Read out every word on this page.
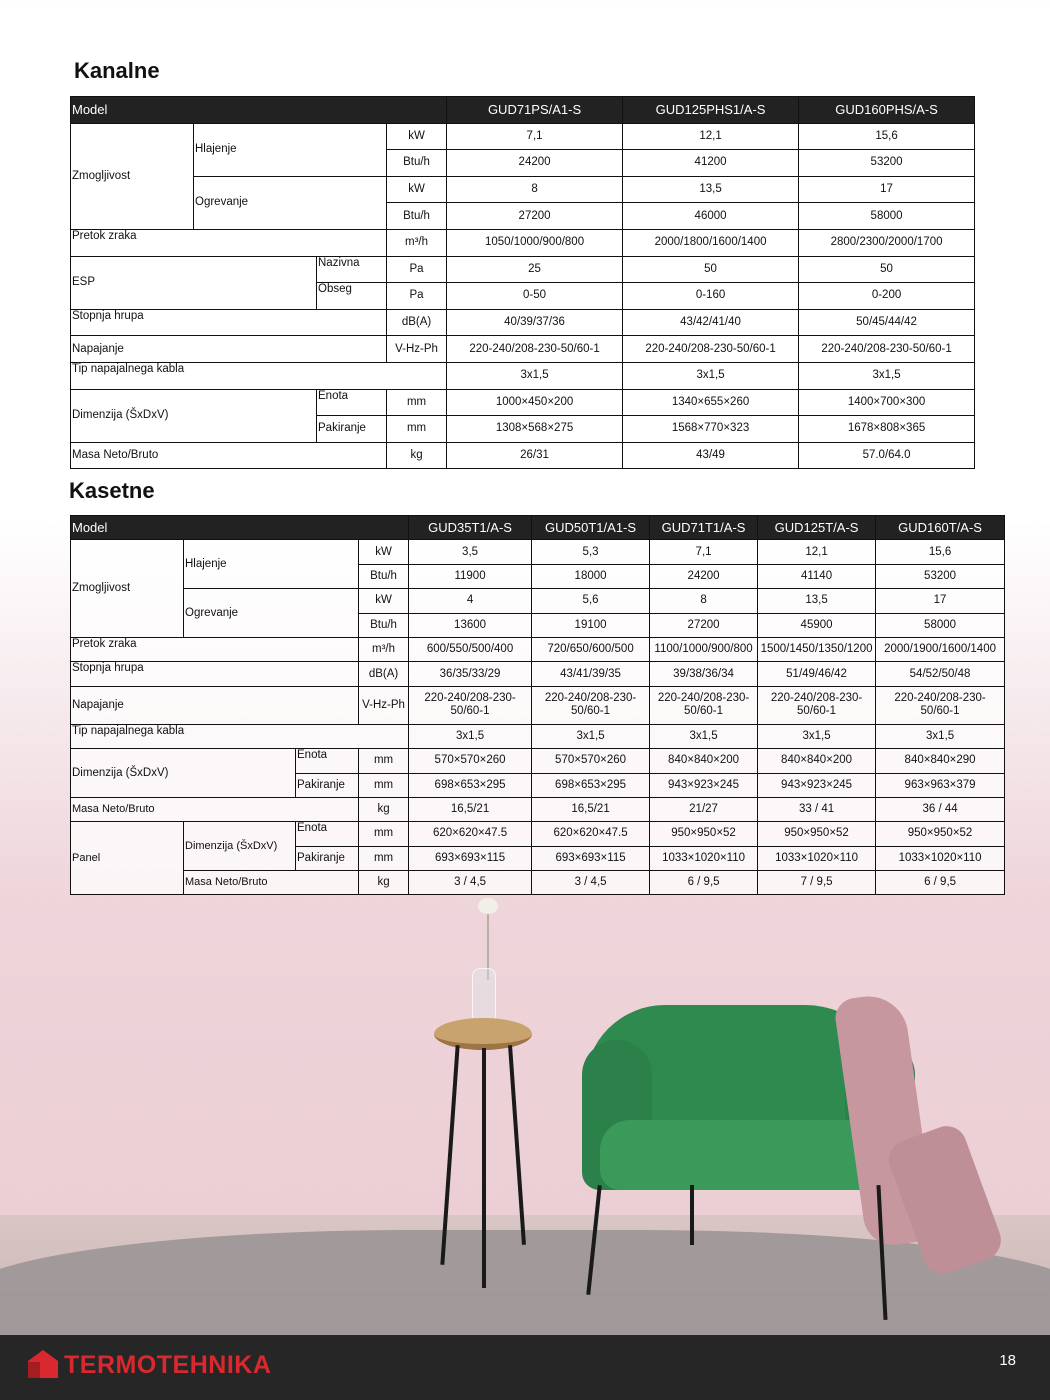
Kanalne
Model				GUD71PS/A1-S	GUD125PHS1/A-S	GUD160PHS/A-S
Zmogljivost	Hlajenje		kW	7,1	12,1	15,6
			Btu/h	24200	41200	53200
	Ogrevanje		kW	8	13,5	17
			Btu/h	27200	46000	58000
Pretok zraka			m³/h	1050/1000/900/800	2000/1800/1600/1400	2800/2300/2000/1700
ESP		Nazivna	Pa	25	50	50
		Obseg	Pa	0-50	0-160	0-200
Stopnja hrupa			dB(A)	40/39/37/36	43/42/41/40	50/45/44/42
Napajanje			V-Hz-Ph	220-240/208-230-50/60-1	220-240/208-230-50/60-1	220-240/208-230-50/60-1
Tip napajalnega kabla				3x1,5	3x1,5	3x1,5
Dimenzija (ŠxDxV)		Enota	mm	1000×450×200	1340×655×260	1400×700×300
		Pakiranje	mm	1308×568×275	1568×770×323	1678×808×365
Masa Neto/Bruto			kg	26/31	43/49	57.0/64.0
Kasetne
Model				GUD35T1/A-S	GUD50T1/A1-S	GUD71T1/A-S	GUD125T/A-S	GUD160T/A-S
Zmogljivost	Hlajenje		kW	3,5	5,3	7,1	12,1	15,6
			Btu/h	11900	18000	24200	41140	53200
	Ogrevanje		kW	4	5,6	8	13,5	17
			Btu/h	13600	19100	27200	45900	58000
Pretok zraka			m³/h	600/550/500/400	720/650/600/500	1100/1000/900/800	1500/1450/1350/1200	2000/1900/1600/1400
Stopnja hrupa			dB(A)	36/35/33/29	43/41/39/35	39/38/36/34	51/49/46/42	54/52/50/48
Napajanje			V-Hz-Ph	220-240/208-230-50/60-1	220-240/208-230-50/60-1	220-240/208-230-50/60-1	220-240/208-230-50/60-1	220-240/208-230-50/60-1
Tip napajalnega kabla				3x1,5	3x1,5	3x1,5	3x1,5	3x1,5
Dimenzija (ŠxDxV)		Enota	mm	570×570×260	570×570×260	840×840×200	840×840×200	840×840×290
		Pakiranje	mm	698×653×295	698×653×295	943×923×245	943×923×245	963×963×379
Masa Neto/Bruto			kg	16,5/21	16,5/21	21/27	33 / 41	36 / 44
Panel	Dimenzija (ŠxDxV)	Enota	mm	620×620×47.5	620×620×47.5	950×950×52	950×950×52	950×950×52
		Pakiranje	mm	693×693×115	693×693×115	1033×1020×110	1033×1020×110	1033×1020×110
	Masa Neto/Bruto		kg	3 / 4,5	3 / 4,5	6 / 9,5	7 / 9,5	6 / 9,5
TERMOTEHNIKA	18
